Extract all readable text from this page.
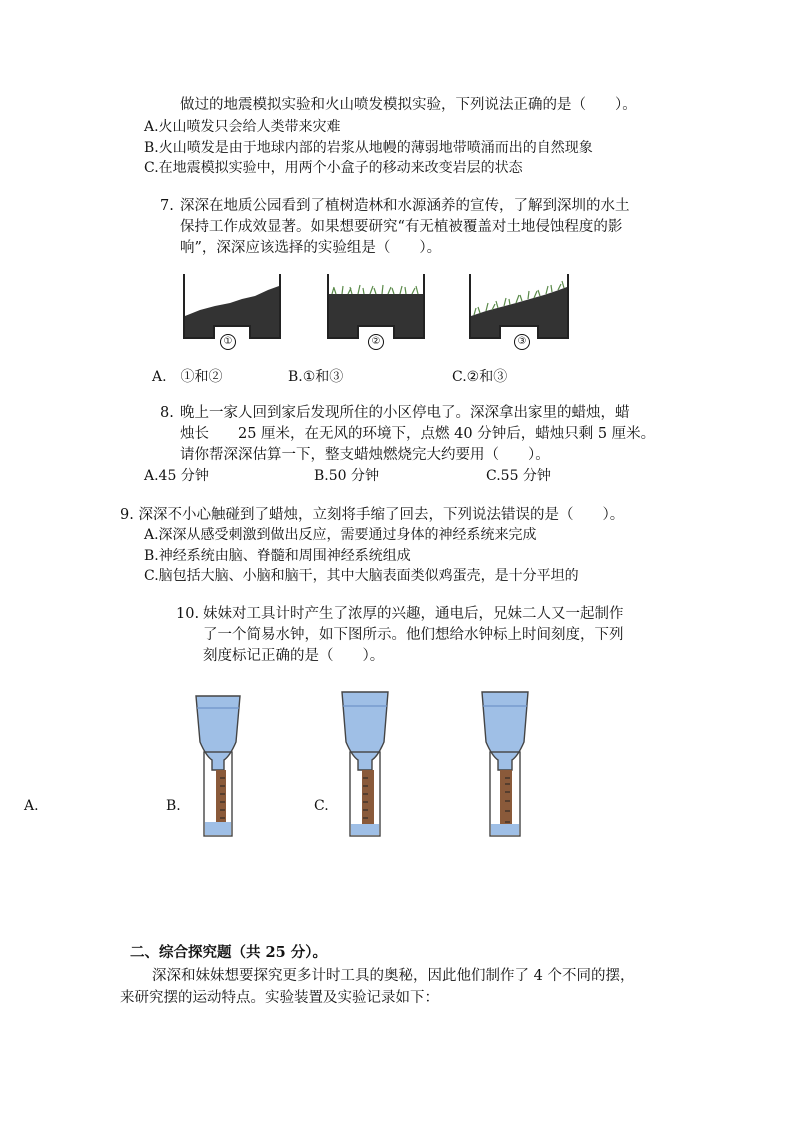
做过的地震模拟实验和火山喷发模拟实验，下列说法正确的是（　　）。
A.火山喷发只会给人类带来灾难
B.火山喷发是由于地球内部的岩浆从地幔的薄弱地带喷涌而出的自然现象
C.在地震模拟实验中，用两个小盒子的移动来改变岩层的状态
7. 深深在地质公园看到了植树造林和水源涵养的宣传，了解到深圳的水土
保持工作成效显著。如果想要研究“有无植被覆盖对土地侵蚀程度的影
响”，深深应该选择的实验组是（　　）。
①	②	③
A.　①和②	B.①和③	C.②和③
8. 晚上一家人回到家后发现所住的小区停电了。深深拿出家里的蜡烛，蜡
烛长　　25 厘米，在无风的环境下，点燃 40 分钟后，蜡烛只剩 5 厘米。
请你帮深深估算一下，整支蜡烛燃烧完大约要用（　　）。
A.45 分钟	B.50 分钟	C.55 分钟
9. 深深不小心触碰到了蜡烛，立刻将手缩了回去，下列说法错误的是（　　）。
A.深深从感受刺激到做出反应，需要通过身体的神经系统来完成
B.神经系统由脑、脊髓和周围神经系统组成
C.脑包括大脑、小脑和脑干，其中大脑表面类似鸡蛋壳，是十分平坦的
10. 妹妹对工具计时产生了浓厚的兴趣，通电后，兄妹二人又一起制作
了一个简易水钟，如下图所示。他们想给水钟标上时间刻度，下列
刻度标记正确的是（　　）。
A.	B.	C.
二、综合探究题（共 25 分）。
深深和妹妹想要探究更多计时工具的奥秘，因此他们制作了 4 个不同的摆，
来研究摆的运动特点。实验装置及实验记录如下：
